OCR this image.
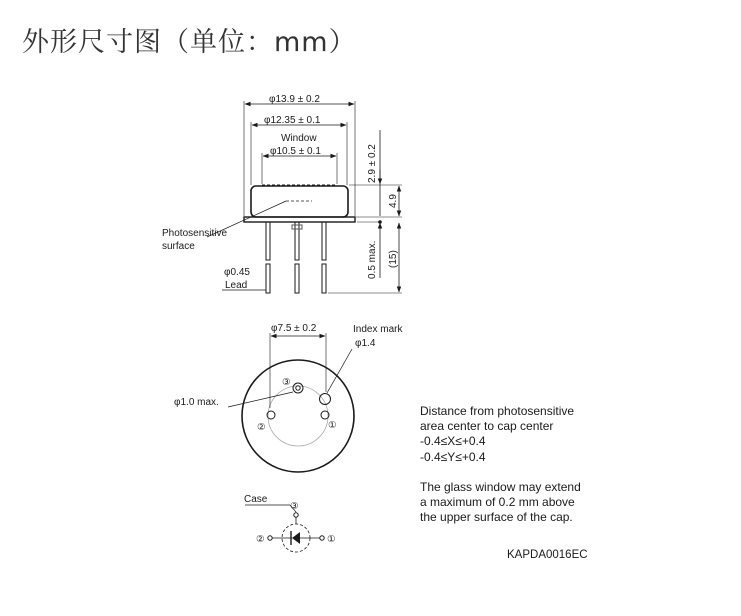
外形尺寸图（单位：mm）
φ13.9 ± 0.2
φ12.35 ± 0.1
Window
φ10.5 ± 0.1	2.9 ± 0.2
4.9
0.5 max. (15)
Photosensitive
surface
φ0.45
Lead
φ7.5 ± 0.2	Index mark
φ1.4
φ1.0 max.
③
②	①
Case
③
②	①

Distance from photosensitive

area center to cap center

-0.4≤X≤+0.4

-0.4≤Y≤+0.4

The glass window may extend

a maximum of 0.2 mm above

the upper surface of the cap.

KAPDA0016EC
